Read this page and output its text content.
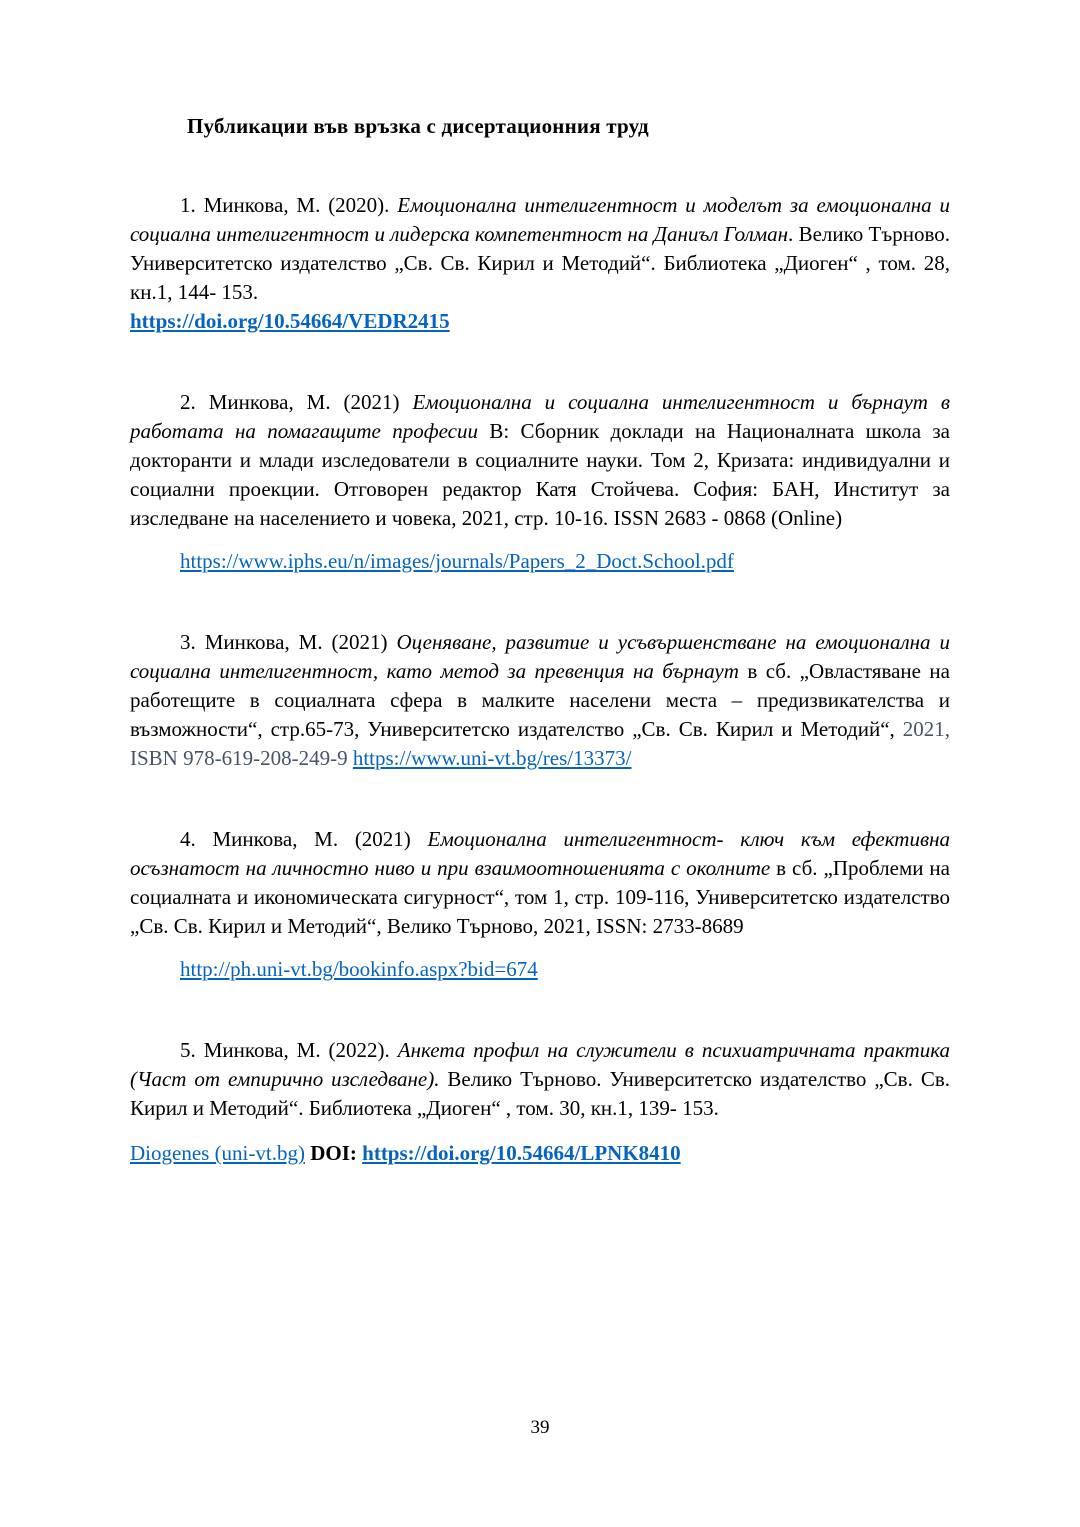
Публикации във връзка с дисертационния труд

1. Минкова, М. (2020). Емоционална интелигентност и моделът за емоционална и социална интелигентност и лидерска компетентност на Даниъл Голман. Велико Търново. Университетско издателство „Св. Св. Кирил и Методий“. Библиотека „Диоген“ , том. 28, кн.1, 144- 153.
https://doi.org/10.54664/VEDR2415

2. Минкова, М. (2021) Емоционална и социална интелигентност и бърнаут в работата на помагащите професии В: Сборник доклади на Националната школа за докторанти и млади изследователи в социалните науки. Том 2, Кризата: индивидуални и социални проекции. Отговорен редактор Катя Стойчева. София: БАН, Институт за изследване на населението и човека, 2021, стр. 10-16. ISSN 2683 - 0868 (Online)

https://www.iphs.eu/n/images/journals/Papers_2_Doct.School.pdf

3. Минкова, М. (2021) Оценяване, развитие и усъвършенстване на емоционална и социална интелигентност, като метод за превенция на бърнаут в сб. „Овластяване на работещите в социалната сфера в малките населени места – предизвикателства и възможности“, стр.65-73, Университетско издателство „Св. Св. Кирил и Методий“, 2021, ISBN 978-619-208-249-9 https://www.uni-vt.bg/res/13373/

4. Минкова, М. (2021) Емоционална интелигентност- ключ към ефективна осъзнатост на личностно ниво и при взаимоотношенията с околните в сб. „Проблеми на социалната и икономическата сигурност“, том 1, стр. 109-116, Университетско издателство „Св. Св. Кирил и Методий“, Велико Търново, 2021, ISSN: 2733-8689

http://ph.uni-vt.bg/bookinfo.aspx?bid=674

5. Минкова, М. (2022). Анкета профил на служители в психиатричната практика (Част от емпирично изследване). Велико Търново. Университетско издателство „Св. Св. Кирил и Методий“. Библиотека „Диоген“ , том. 30, кн.1, 139- 153.

Diogenes (uni-vt.bg) DOI: https://doi.org/10.54664/LPNK8410
39
